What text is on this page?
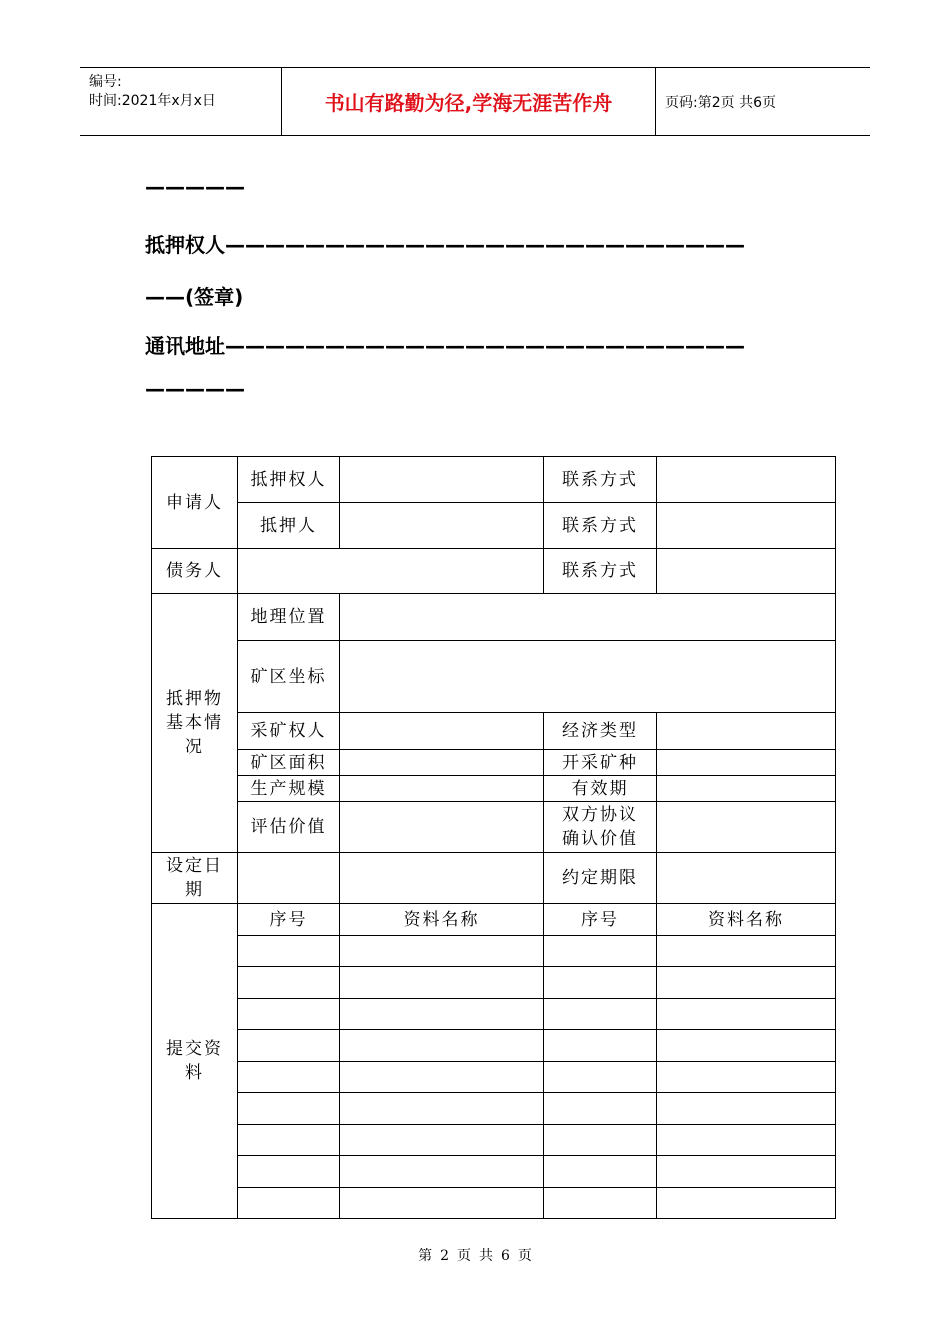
编号:
时间:2021年x月x日	书山有路勤为径,学海无涯苦作舟	页码:第2页 共6页
—————
抵押权人——————————————————————————
——(签章)
通讯地址——————————————————————————
—————
申请人	抵押权人		联系方式	
	抵押人		联系方式	
债务人			联系方式	
抵押物基本情况	地理位置			
	矿区坐标			
	采矿权人		经济类型	
	矿区面积		开采矿种	
	生产规模		有效期	
	评估价值		双方协议确认价值	
设定日期			约定期限	
提交资料	序号	资料名称	序号	资料名称

第 2 页 共 6 页
